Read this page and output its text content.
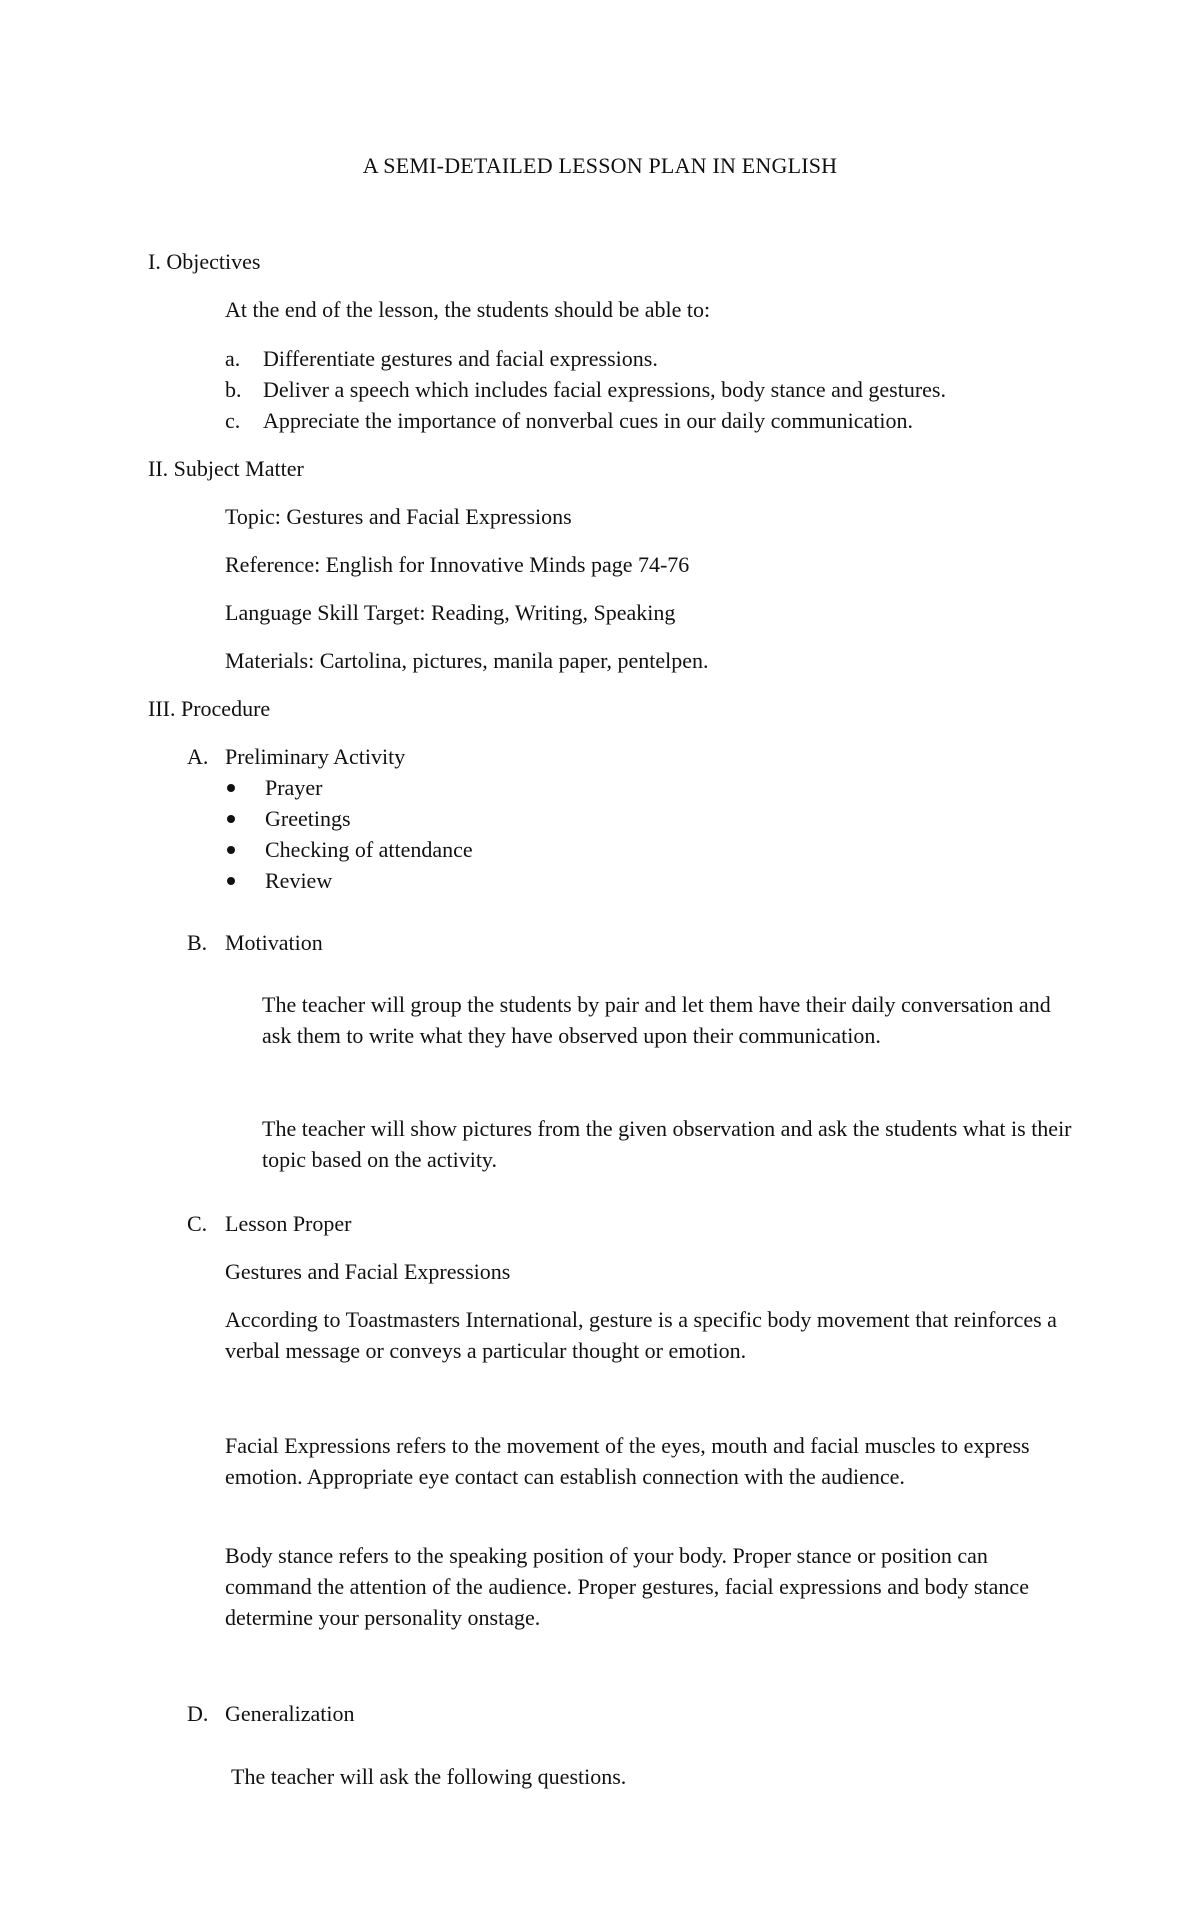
A SEMI-DETAILED LESSON PLAN IN ENGLISH
I. Objectives
At the end of the lesson, the students should be able to:
a. Differentiate gestures and facial expressions.
b. Deliver a speech which includes facial expressions, body stance and gestures.
c. Appreciate the importance of nonverbal cues in our daily communication.
II. Subject Matter
Topic: Gestures and Facial Expressions
Reference: English for Innovative Minds page 74-76
Language Skill Target: Reading, Writing, Speaking
Materials: Cartolina, pictures, manila paper, pentelpen.
III. Procedure
A. Preliminary Activity
Prayer
Greetings
Checking of attendance
Review
B. Motivation
The teacher will group the students by pair and let them have their daily conversation and ask them to write what they have observed upon their communication.
The teacher will show pictures from the given observation and ask the students what is their topic based on the activity.
C. Lesson Proper
Gestures and Facial Expressions
According to Toastmasters International, gesture is a specific body movement that reinforces a verbal message or conveys a particular thought or emotion.
Facial Expressions refers to the movement of the eyes, mouth and facial muscles to express emotion. Appropriate eye contact can establish connection with the audience.
Body stance refers to the speaking position of your body. Proper stance or position can command the attention of the audience. Proper gestures, facial expressions and body stance determine your personality onstage.
D. Generalization
The teacher will ask the following questions.
